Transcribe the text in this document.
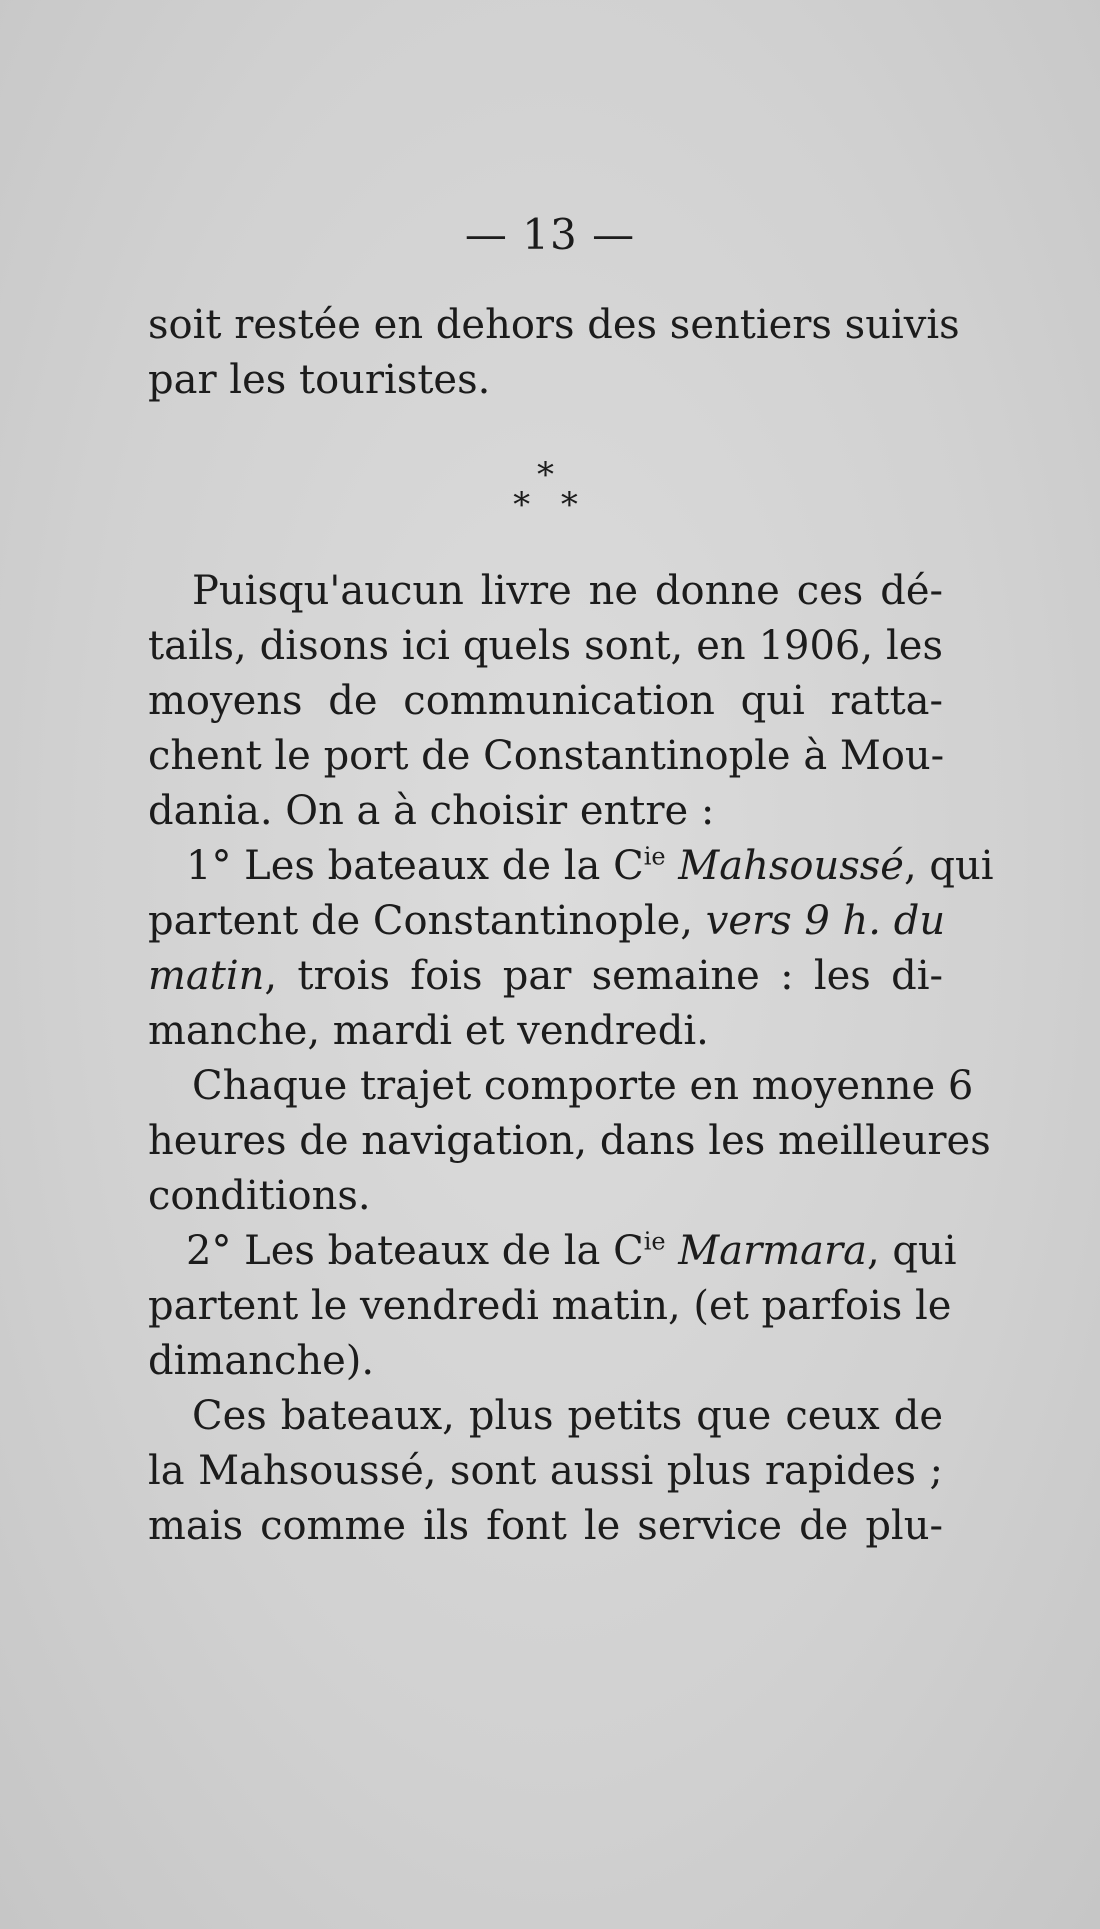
— 13 —
soit restée en dehors des sentiers suivis
par les touristes.
*
* *
Puisqu'aucun livre ne donne ces dé-
tails, disons ici quels sont, en 1906, les
moyens de communication qui ratta-
chent le port de Constantinople à Mou-
dania. On a à choisir entre :
1° Les bateaux de la $C^{ie}$ Mahsoussé, qui
partent de Constantinople, vers 9 h. du
matin, trois fois par semaine : les di-
manche, mardi et vendredi.
Chaque trajet comporte en moyenne 6
heures de navigation, dans les meilleures
conditions.
2° Les bateaux de la $C^{ie}$ Marmara, qui
partent le vendredi matin, (et parfois le
dimanche).
Ces bateaux, plus petits que ceux de
la Mahsoussé, sont aussi plus rapides ;
mais comme ils font le service de plu-
